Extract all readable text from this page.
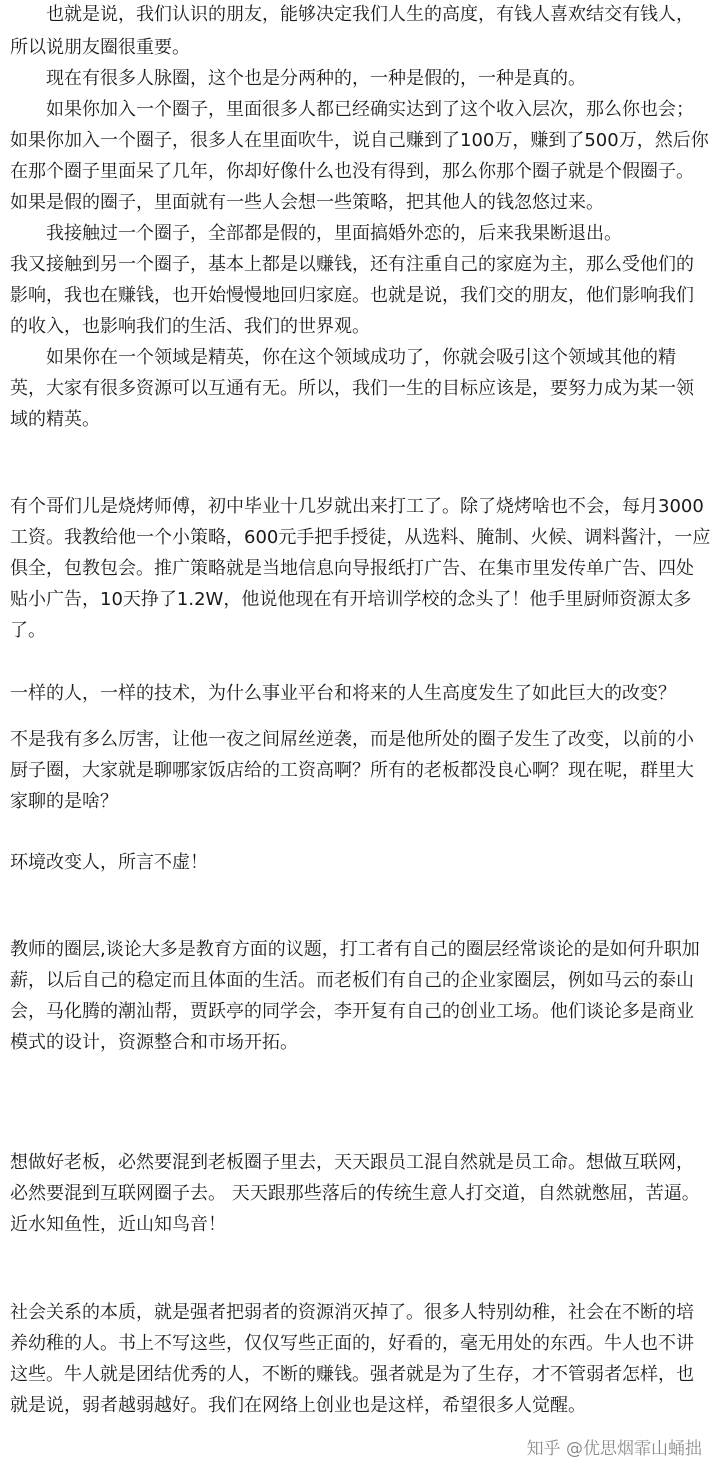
　　也就是说，我们认识的朋友，能够决定我们人生的高度，有钱人喜欢结交有钱人，
所以说朋友圈很重要。
　　现在有很多人脉圈，这个也是分两种的，一种是假的，一种是真的。
　　如果你加入一个圈子，里面很多人都已经确实达到了这个收入层次，那么你也会；
如果你加入一个圈子，很多人在里面吹牛，说自己赚到了100万，赚到了500万，然后你
在那个圈子里面呆了几年，你却好像什么也没有得到，那么你那个圈子就是个假圈子。
如果是假的圈子，里面就有一些人会想一些策略，把其他人的钱忽悠过来。
　　我接触过一个圈子，全部都是假的，里面搞婚外恋的，后来我果断退出。
我又接触到另一个圈子，基本上都是以赚钱，还有注重自己的家庭为主，那么受他们的
影响，我也在赚钱，也开始慢慢地回归家庭。也就是说，我们交的朋友，他们影响我们
的收入，也影响我们的生活、我们的世界观。
　　如果你在一个领域是精英，你在这个领域成功了，你就会吸引这个领域其他的精
英，大家有很多资源可以互通有无。所以，我们一生的目标应该是，要努力成为某一领
域的精英。
有个哥们儿是烧烤师傅，初中毕业十几岁就出来打工了。除了烧烤啥也不会，每月3000
工资。我教给他一个小策略，600元手把手授徒，从选料、腌制、火候、调料酱汁，一应
俱全，包教包会。推广策略就是当地信息向导报纸打广告、在集市里发传单广告、四处
贴小广告，10天挣了1.2W，他说他现在有开培训学校的念头了！他手里厨师资源太多
了。
一样的人，一样的技术，为什么事业平台和将来的人生高度发生了如此巨大的改变？
不是我有多么厉害，让他一夜之间屌丝逆袭，而是他所处的圈子发生了改变，以前的小
厨子圈，大家就是聊哪家饭店给的工资高啊？所有的老板都没良心啊？现在呢，群里大
家聊的是啥？
环境改变人，所言不虚！
教师的圈层,谈论大多是教育方面的议题，打工者有自己的圈层经常谈论的是如何升职加
薪，以后自己的稳定而且体面的生活。而老板们有自己的企业家圈层，例如马云的泰山
会，马化腾的潮汕帮，贾跃亭的同学会，李开复有自己的创业工场。他们谈论多是商业
模式的设计，资源整合和市场开拓。
想做好老板，必然要混到老板圈子里去，天天跟员工混自然就是员工命。想做互联网，
必然要混到互联网圈子去。 天天跟那些落后的传统生意人打交道，自然就憋屈，苦逼。
近水知鱼性，近山知鸟音！
社会关系的本质，就是强者把弱者的资源消灭掉了。很多人特别幼稚，社会在不断的培
养幼稚的人。书上不写这些，仅仅写些正面的，好看的，毫无用处的东西。牛人也不讲
这些。牛人就是团结优秀的人，不断的赚钱。强者就是为了生存，才不管弱者怎样，也
就是说，弱者越弱越好。我们在网络上创业也是这样，希望很多人觉醒。
知乎 @优思烟霏山蛹拙
